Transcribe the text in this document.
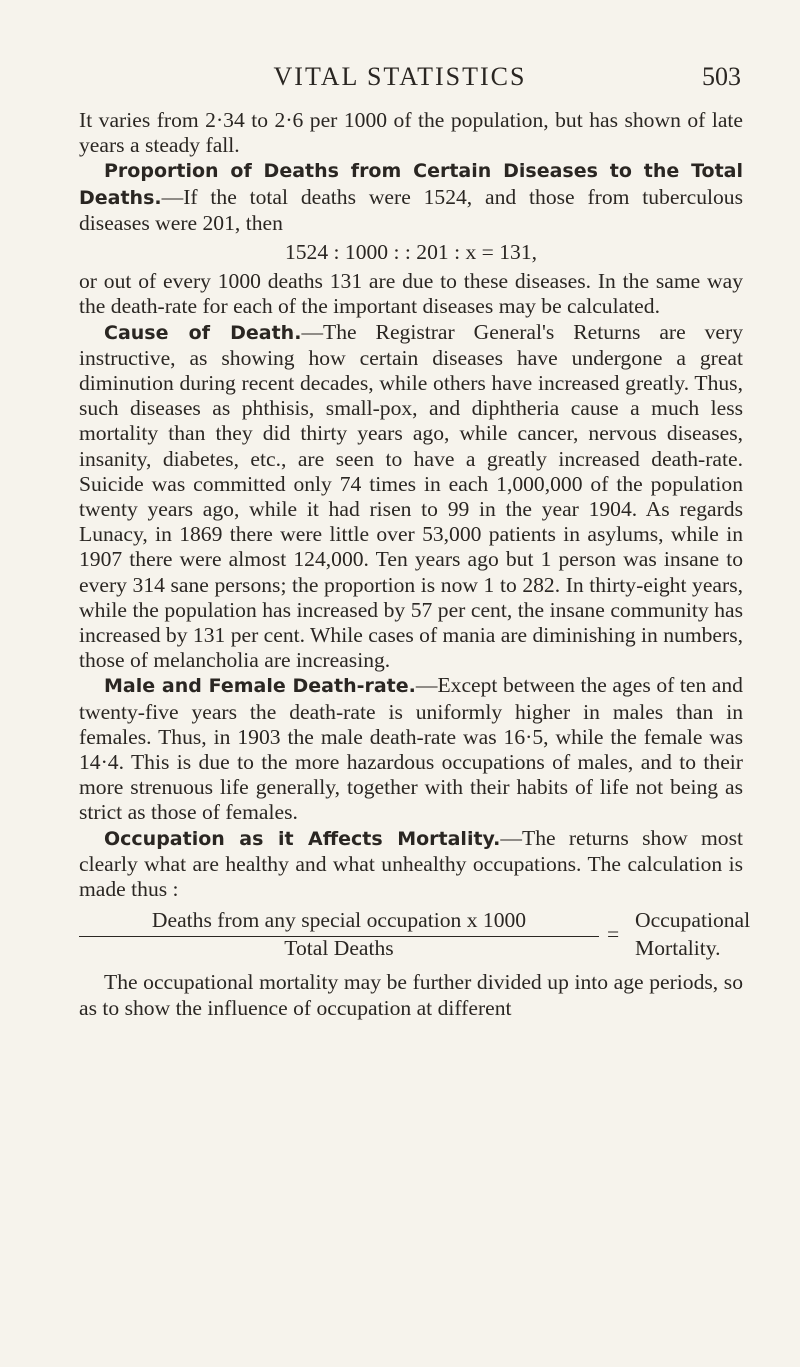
VITAL STATISTICS	503

It varies from 2·34 to 2·6 per 1000 of the population, but has shown of late years a steady fall.

Proportion of Deaths from Certain Diseases to the Total Deaths.—If the total deaths were 1524, and those from tuberculous diseases were 201, then

1524 : 1000 : : 201 : x = 131,

or out of every 1000 deaths 131 are due to these diseases. In the same way the death-rate for each of the important diseases may be calculated.

Cause of Death.—The Registrar General's Returns are very instructive, as showing how certain diseases have undergone a great diminution during recent decades, while others have increased greatly. Thus, such diseases as phthisis, small-pox, and diphtheria cause a much less mortality than they did thirty years ago, while cancer, nervous diseases, insanity, diabetes, etc., are seen to have a greatly increased death-rate. Suicide was committed only 74 times in each 1,000,000 of the population twenty years ago, while it had risen to 99 in the year 1904. As regards Lunacy, in 1869 there were little over 53,000 patients in asylums, while in 1907 there were almost 124,000. Ten years ago but 1 person was insane to every 314 sane persons; the proportion is now 1 to 282. In thirty-eight years, while the population has increased by 57 per cent, the insane community has increased by 131 per cent. While cases of mania are diminishing in numbers, those of melancholia are increasing.

Male and Female Death-rate.—Except between the ages of ten and twenty-five years the death-rate is uniformly higher in males than in females. Thus, in 1903 the male death-rate was 16·5, while the female was 14·4. This is due to the more hazardous occupations of males, and to their more strenuous life generally, together with their habits of life not being as strict as those of females.

Occupation as it Affects Mortality.—The returns show most clearly what are healthy and what unhealthy occupations. The calculation is made thus :

Deaths from any special occupation x 1000
Total Deaths
=
Occupational
Mortality.

The occupational mortality may be further divided up into age periods, so as to show the influence of occupation at different
